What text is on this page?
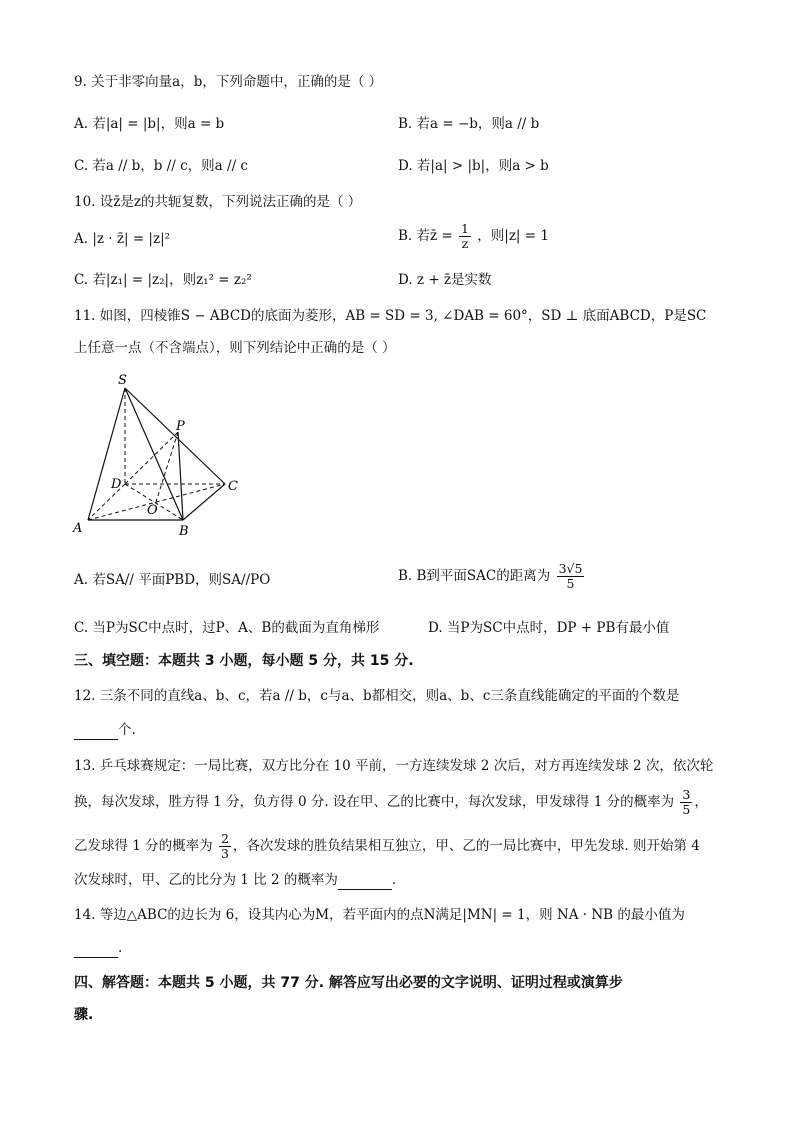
9. 关于非零向量a，b，下列命题中，正确的是（ ）
A. 若|a| = |b|，则a = b	B. 若a = −b，则a // b
C. 若a // b，b // c，则a // c	D. 若|a| > |b|，则a > b
10. 设z̄是z的共轭复数，下列说法正确的是（ ）
A. |z · z̄| = |z|²	B. 若z̄ = $\frac{1}{z}$ ，则|z| = 1
C. 若|z₁| = |z₂|，则z₁² = z₂²	D. z + z̄是实数
11. 如图，四棱锥S − ABCD的底面为菱形，AB = SD = 3, ∠DAB = 60°，SD ⊥ 底面ABCD，P是SC
上任意一点（不含端点），则下列结论中正确的是（ ）
S
P
D	C
O
A	B
A. 若SA// 平面PBD，则SA//PO	B. B到平面SAC的距离为 $\frac{3√5}{5}$
C. 当P为SC中点时，过P、A、B的截面为直角梯形	D. 当P为SC中点时，DP + PB有最小值
三、填空题：本题共 3 小题，每小题 5 分，共 15 分.
12. 三条不同的直线a、b、c，若a // b，c与a、b都相交，则a、b、c三条直线能确定的平面的个数是
个.
13. 乒乓球赛规定：一局比赛，双方比分在 10 平前，一方连续发球 2 次后，对方再连续发球 2 次，依次轮
换，每次发球，胜方得 1 分，负方得 0 分. 设在甲、乙的比赛中，每次发球，甲发球得 1 分的概率为 $\frac{3}{5}$ ，
乙发球得 1 分的概率为 $\frac{2}{3}$ ，各次发球的胜负结果相互独立，甲、乙的一局比赛中，甲先发球. 则开始第 4
次发球时，甲、乙的比分为 1 比 2 的概率为	.
14. 等边△ABC的边长为 6，设其内心为M，若平面内的点N满足|MN| = 1，则 NA · NB 的最小值为
.
四、解答题：本题共 5 小题，共 77 分. 解答应写出必要的文字说明、证明过程或演算步
骤.
